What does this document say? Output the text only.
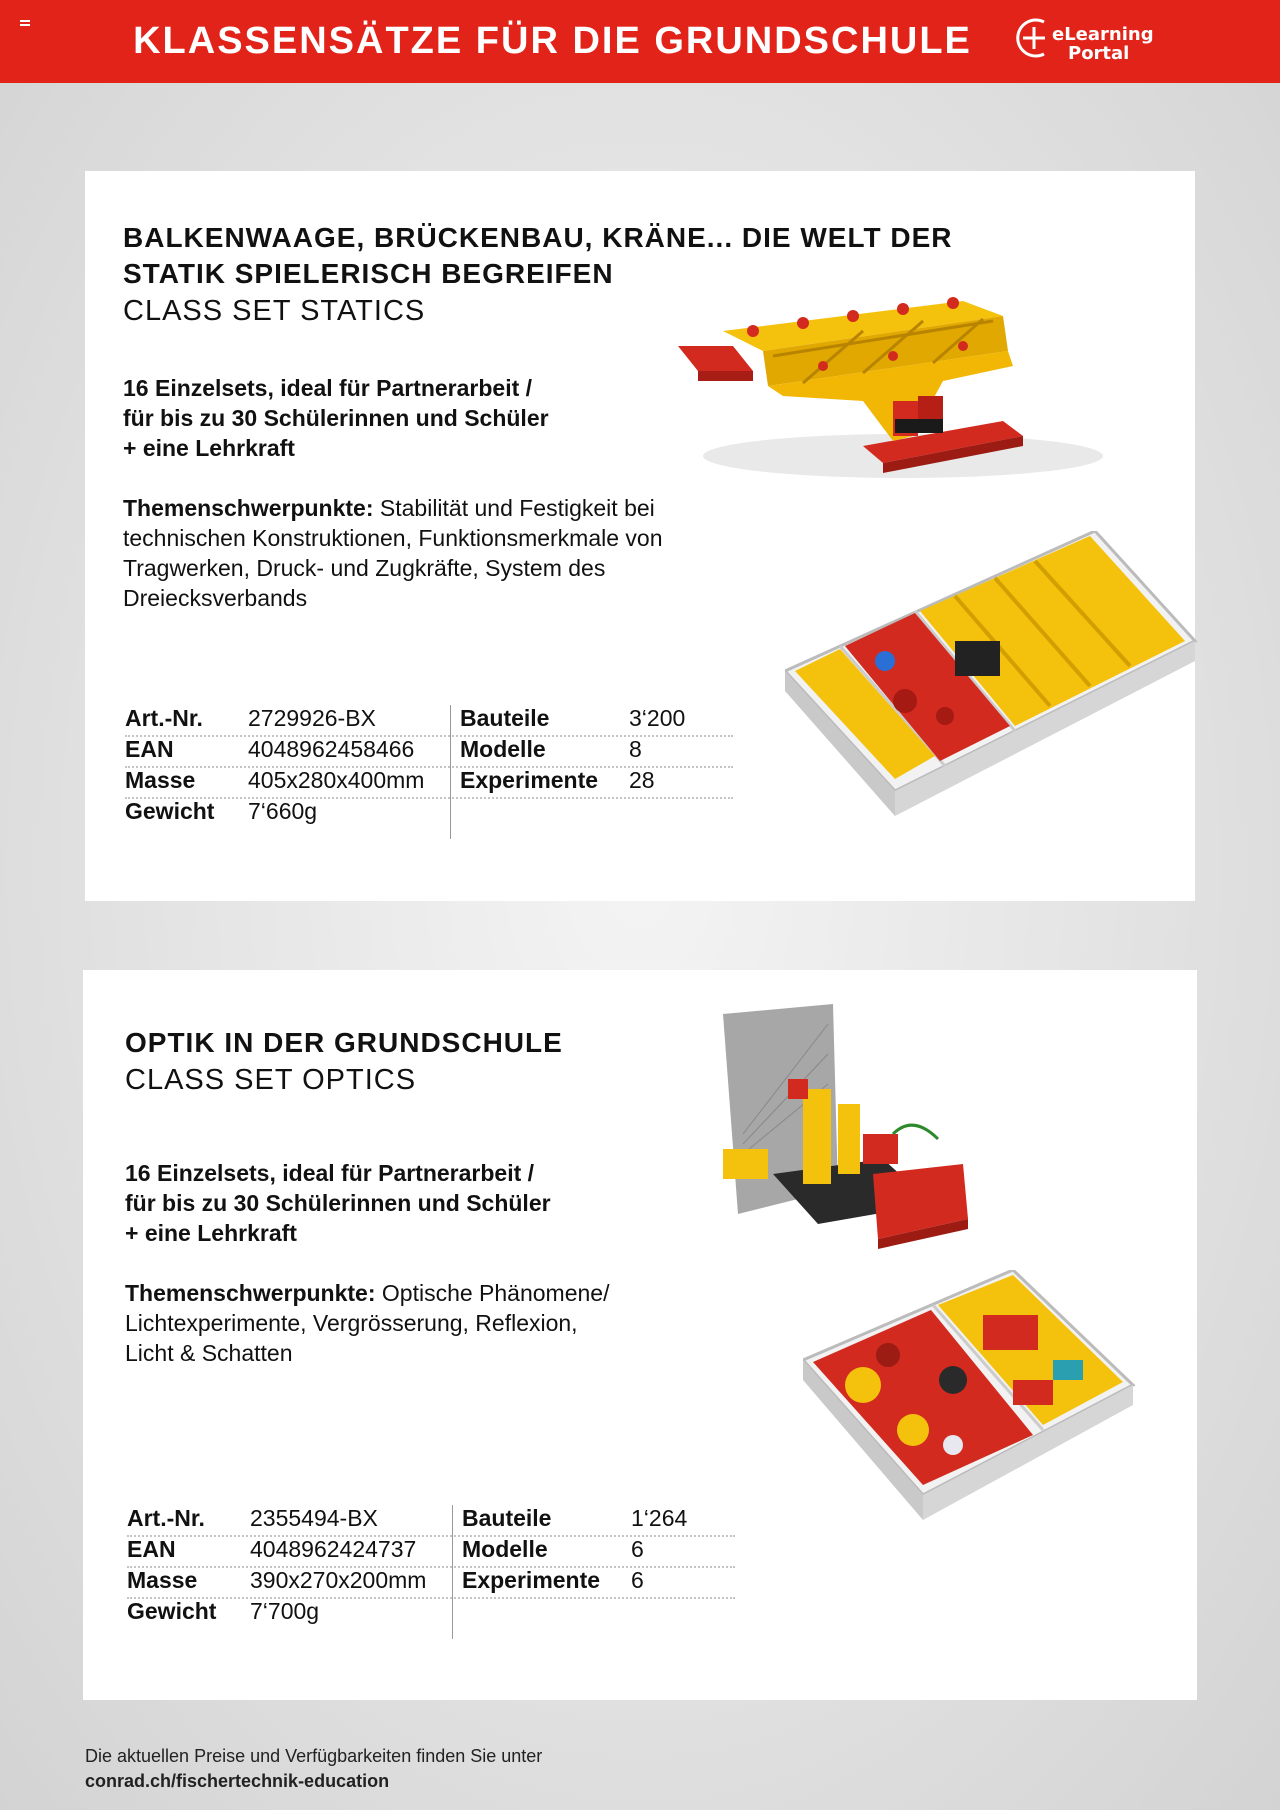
KLASSENSÄTZE FÜR DIE GRUNDSCHULE	eLearning
Portal
BALKENWAAGE, BRÜCKENBAU, KRÄNE... DIE WELT DER
STATIK SPIELERISCH BEGREIFEN
CLASS SET STATICS
16 Einzelsets, ideal für Partnerarbeit /
für bis zu 30 Schülerinnen und Schüler
+ eine Lehrkraft
Themenschwerpunkte: Stabilität und Festigkeit bei
technischen Konstruktionen, Funktionsmerkmale von
Tragwerken, Druck- und Zugkräfte, System des
Dreiecksverbands
Art.-Nr. 2729926-BX	Bauteile	3‘200
EAN	4048962458466 Modelle	8
Masse 405x280x400mm Experimente 28
Gewicht 7‘660g
OPTIK IN DER GRUNDSCHULE
CLASS SET OPTICS
16 Einzelsets, ideal für Partnerarbeit /
für bis zu 30 Schülerinnen und Schüler
+ eine Lehrkraft
Themenschwerpunkte: Optische Phänomene/
Lichtexperimente, Vergrösserung, Reflexion,
Licht & Schatten
Art.-Nr. 2355494-BX	Bauteile	1‘264
EAN	4048962424737 Modelle	6
Masse 390x270x200mm Experimente 6
Gewicht 7‘700g
Die aktuellen Preise und Verfügbarkeiten finden Sie unter
conrad.ch/fischertechnik-education
